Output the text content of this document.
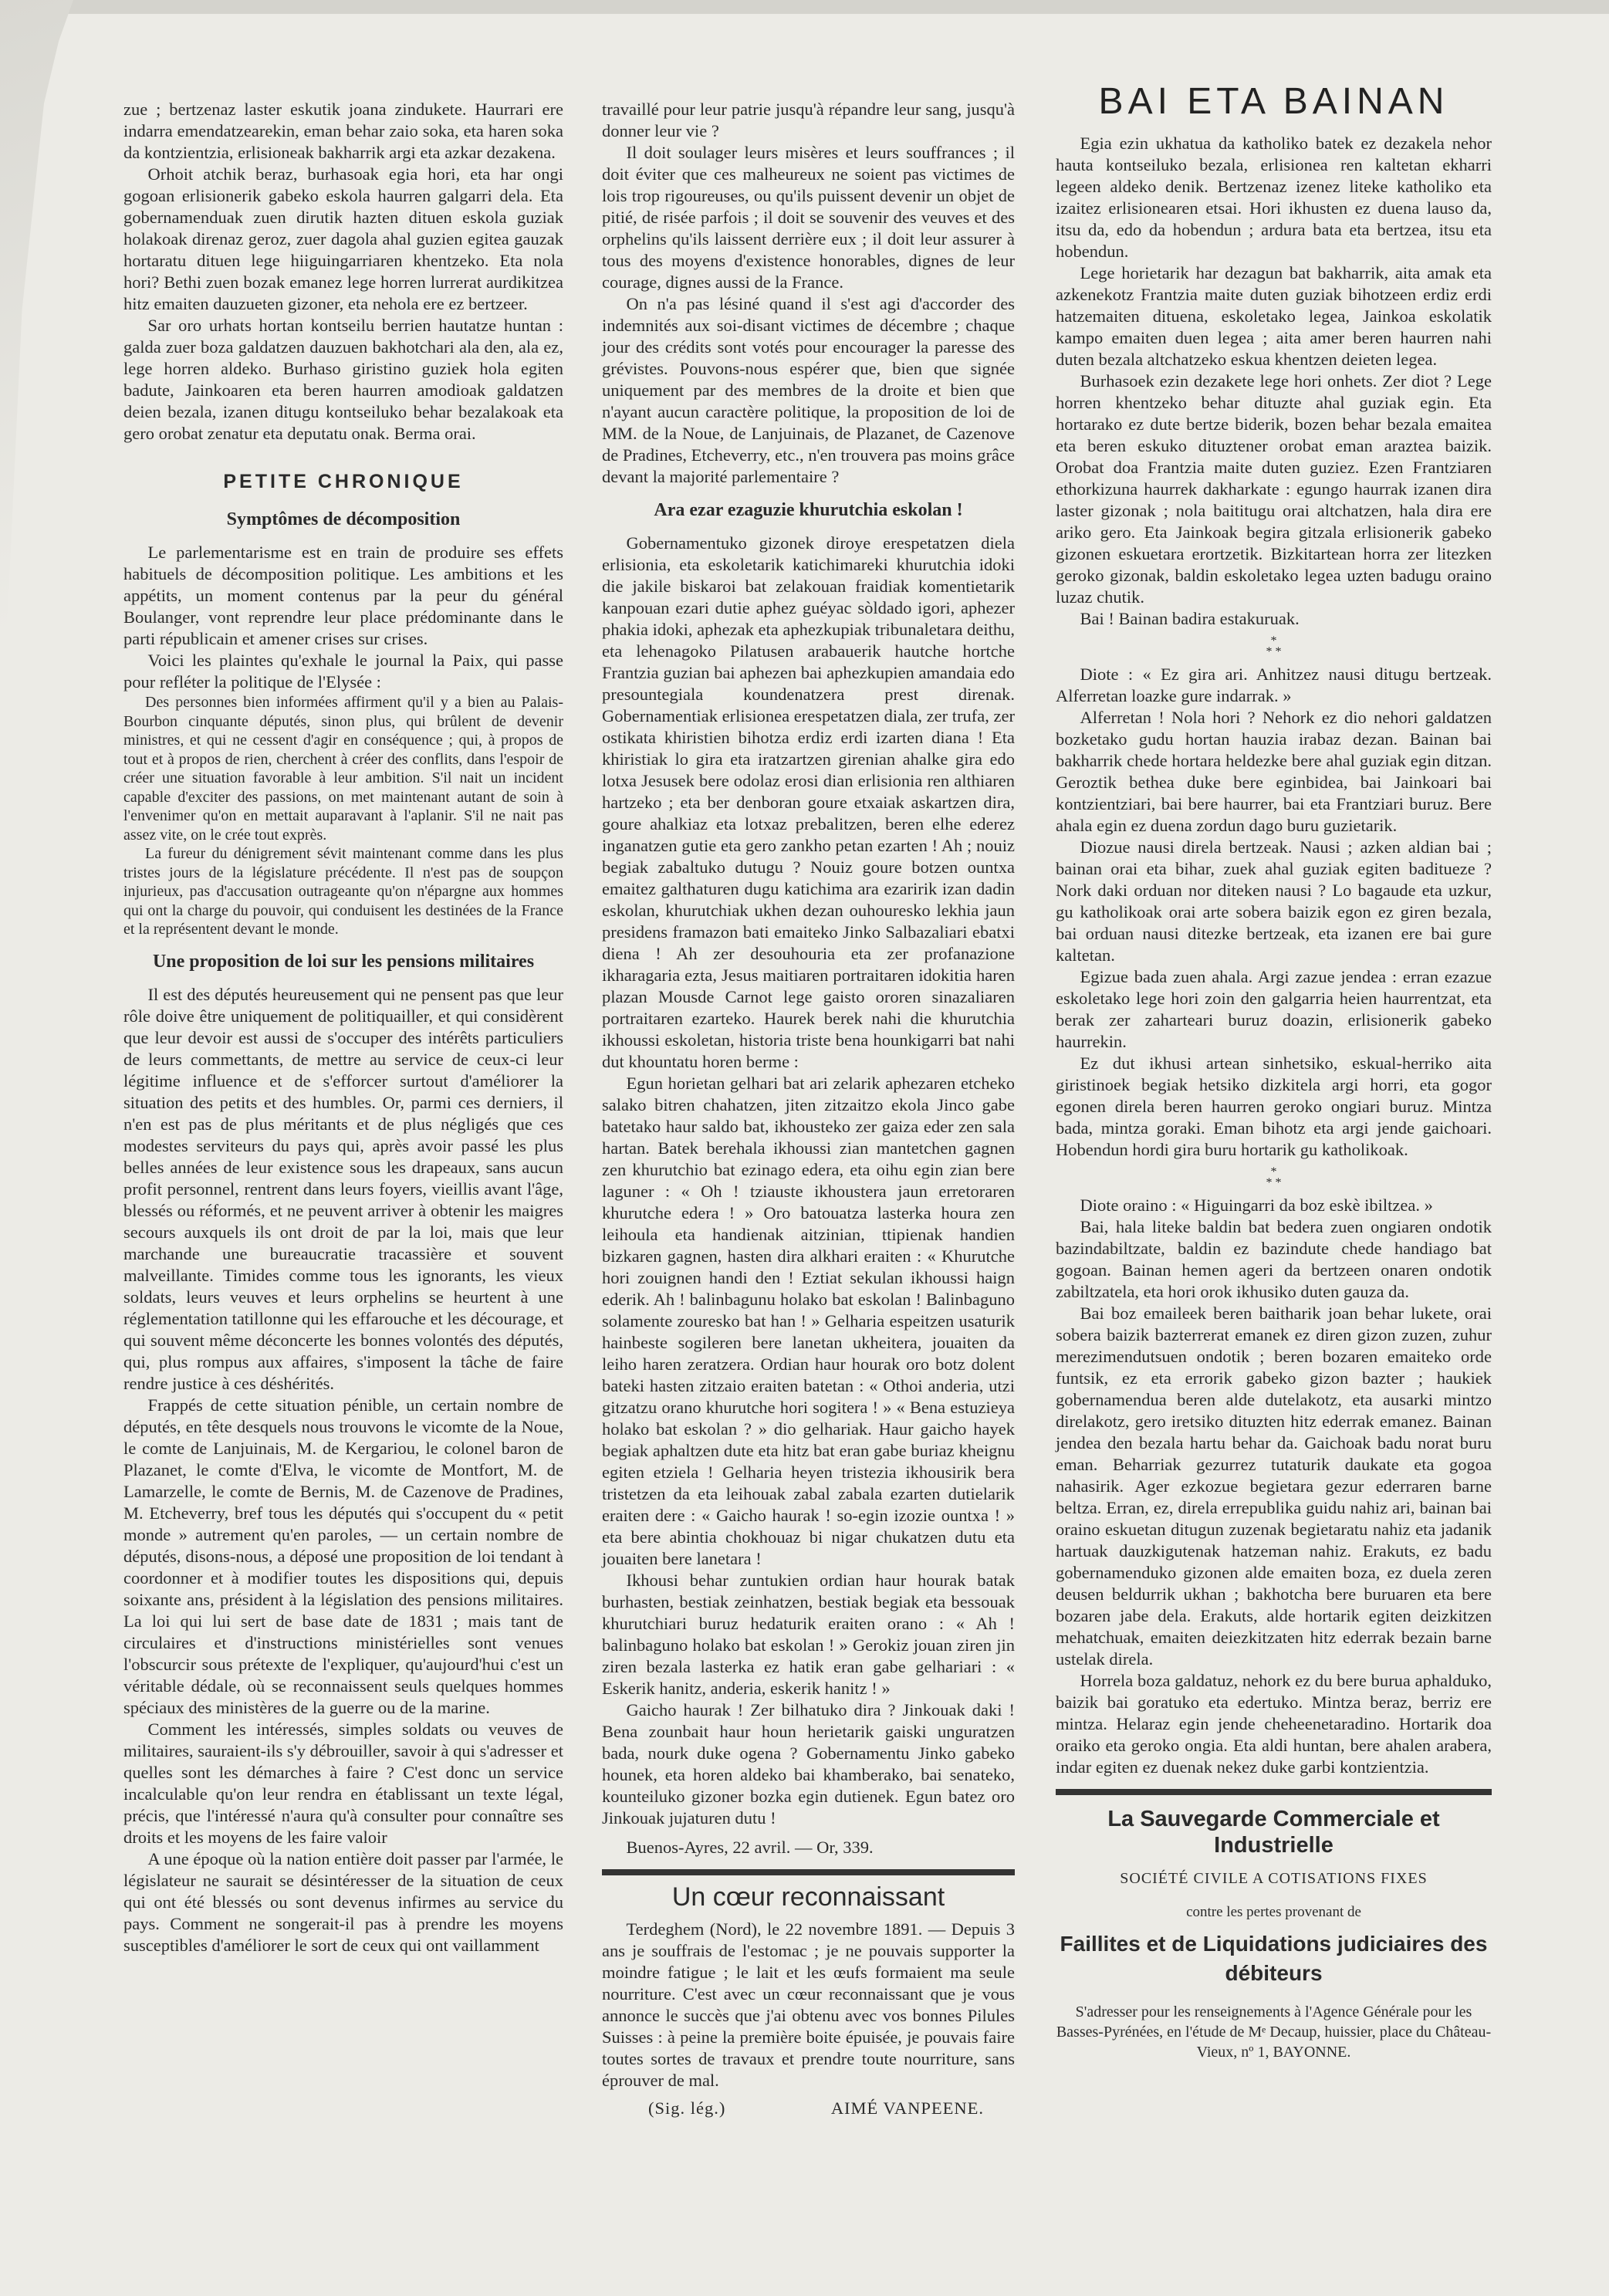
zue ; bertzenaz laster eskutik joana zindukete. Haurrari ere indarra emendatzearekin, eman behar zaio soka, eta haren soka da kontzientzia, erlisioneak bakharrik argi eta azkar dezakena.

Orhoit atchik beraz, burhasoak egia hori, eta har ongi gogoan erlisionerik gabeko eskola haurren galgarri dela. Eta gobernamenduak zuen dirutik hazten dituen eskola guziak holakoak direnaz geroz, zuer dagola ahal guzien egitea gauzak hortaratu dituen lege hiiguingarriaren khentzeko. Eta nola hori? Bethi zuen bozak emanez lege horren lurrerat aurdikitzea hitz emaiten dauzueten gizoner, eta nehola ere ez bertzeer.

Sar oro urhats hortan kontseilu berrien hautatze huntan : galda zuer boza galdatzen dauzuen bakhotchari ala den, ala ez, lege horren aldeko. Burhaso giristino guziek hola egiten badute, Jainkoaren eta beren haurren amodioak galdatzen deien bezala, izanen ditugu kontseiluko behar bezalakoak eta gero orobat zenatur eta deputatu onak. Berma orai.

PETITE CHRONIQUE
Symptômes de décomposition

Le parlementarisme est en train de produire ses effets habituels de décomposition politique. Les ambitions et les appétits, un moment contenus par la peur du général Boulanger, vont reprendre leur place prédominante dans le parti républicain et amener crises sur crises.

Voici les plaintes qu'exhale le journal la Paix, qui passe pour refléter la politique de l'Elysée :

Des personnes bien informées affirment qu'il y a bien au Palais-Bourbon cinquante députés, sinon plus, qui brûlent de devenir ministres, et qui ne cessent d'agir en conséquence ; qui, à propos de tout et à propos de rien, cherchent à créer des conflits, dans l'espoir de créer une situation favorable à leur ambition. S'il nait un incident capable d'exciter des passions, on met maintenant autant de soin à l'envenimer qu'on en mettait auparavant à l'aplanir. S'il ne nait pas assez vite, on le crée tout exprès.

La fureur du dénigrement sévit maintenant comme dans les plus tristes jours de la législature précédente. Il n'est pas de soupçon injurieux, pas d'accusation outrageante qu'on n'épargne aux hommes qui ont la charge du pouvoir, qui conduisent les destinées de la France et la représentent devant le monde.

Une proposition de loi sur les pensions militaires

Il est des députés heureusement qui ne pensent pas que leur rôle doive être uniquement de politiquailler, et qui considèrent que leur devoir est aussi de s'occuper des intérêts particuliers de leurs commettants, de mettre au service de ceux-ci leur légitime influence et de s'efforcer surtout d'améliorer la situation des petits et des humbles. Or, parmi ces derniers, il n'en est pas de plus méritants et de plus négligés que ces modestes serviteurs du pays qui, après avoir passé les plus belles années de leur existence sous les drapeaux, sans aucun profit personnel, rentrent dans leurs foyers, vieillis avant l'âge, blessés ou réformés, et ne peuvent arriver à obtenir les maigres secours auxquels ils ont droit de par la loi, mais que leur marchande une bureaucratie tracassière et souvent malveillante. Timides comme tous les ignorants, les vieux soldats, leurs veuves et leurs orphelins se heurtent à une réglementation tatillonne qui les effarouche et les décourage, et qui souvent même déconcerte les bonnes volontés des députés, qui, plus rompus aux affaires, s'imposent la tâche de faire rendre justice à ces déshérités.

Frappés de cette situation pénible, un certain nombre de députés, en tête desquels nous trouvons le vicomte de la Noue, le comte de Lanjuinais, M. de Kergariou, le colonel baron de Plazanet, le comte d'Elva, le vicomte de Montfort, M. de Lamarzelle, le comte de Bernis, M. de Cazenove de Pradines, M. Etcheverry, bref tous les députés qui s'occupent du « petit monde » autrement qu'en paroles, — un certain nombre de députés, disons-nous, a déposé une proposition de loi tendant à coordonner et à modifier toutes les dispositions qui, depuis soixante ans, président à la législation des pensions militaires. La loi qui lui sert de base date de 1831 ; mais tant de circulaires et d'instructions ministérielles sont venues l'obscurcir sous prétexte de l'expliquer, qu'aujourd'hui c'est un véritable dédale, où se reconnaissent seuls quelques hommes spéciaux des ministères de la guerre ou de la marine.

Comment les intéressés, simples soldats ou veuves de militaires, sauraient-ils s'y débrouiller, savoir à qui s'adresser et quelles sont les démarches à faire ? C'est donc un service incalculable qu'on leur rendra en établissant un texte légal, précis, que l'intéressé n'aura qu'à consulter pour connaître ses droits et les moyens de les faire valoir

A une époque où la nation entière doit passer par l'armée, le législateur ne saurait se désintéresser de la situation de ceux qui ont été blessés ou sont devenus infirmes au service du pays. Comment ne songerait-il pas à prendre les moyens susceptibles d'améliorer le sort de ceux qui ont vaillamment

travaillé pour leur patrie jusqu'à répandre leur sang, jusqu'à donner leur vie ?

Il doit soulager leurs misères et leurs souffrances ; il doit éviter que ces malheureux ne soient pas victimes de lois trop rigoureuses, ou qu'ils puissent devenir un objet de pitié, de risée parfois ; il doit se souvenir des veuves et des orphelins qu'ils laissent derrière eux ; il doit leur assurer à tous des moyens d'existence honorables, dignes de leur courage, dignes aussi de la France.

On n'a pas lésiné quand il s'est agi d'accorder des indemnités aux soi-disant victimes de décembre ; chaque jour des crédits sont votés pour encourager la paresse des grévistes. Pouvons-nous espérer que, bien que signée uniquement par des membres de la droite et bien que n'ayant aucun caractère politique, la proposition de loi de MM. de la Noue, de Lanjuinais, de Plazanet, de Cazenove de Pradines, Etcheverry, etc., n'en trouvera pas moins grâce devant la majorité parlementaire ?

Ara ezar ezaguzie khurutchia eskolan !

Gobernamentuko gizonek diroye erespetatzen diela erlisionia, eta eskoletarik katichimareki khurutchia idoki die jakile biskaroi bat zelakouan fraidiak komentietarik kanpouan ezari dutie aphez guéyac sòldado igori, aphezer phakia idoki, aphezak eta aphezkupiak tribunaletara deithu, eta lehenagoko Pilatusen arabauerik hautche hortche Frantzia guzian bai aphezen bai aphezkupien amandaia edo presountegiala koundenatzera prest direnak. Gobernamentiak erlisionea erespetatzen diala, zer trufa, zer ostikata khiristien bihotza erdiz erdi izarten diana ! Eta khiristiak lo gira eta iratzartzen girenian ahalke gira edo lotxa Jesusek bere odolaz erosi dian erlisionia ren althiaren hartzeko ; eta ber denboran goure etxaiak askartzen dira, goure ahalkiaz eta lotxaz prebalitzen, beren elhe ederez inganatzen gutie eta gero zankho petan ezarten ! Ah ; nouiz begiak zabaltuko dutugu ? Nouiz goure botzen ountxa emaitez galthaturen dugu katichima ara ezaririk izan dadin eskolan, khurutchiak ukhen dezan ouhouresko lekhia jaun presidens framazon bati emaiteko Jinko Salbazaliari ebatxi diena ! Ah zer desouhouria eta zer profanazione ikharagaria ezta, Jesus maitiaren portraitaren idokitia haren plazan Mousde Carnot lege gaisto ororen sinazaliaren portraitaren ezarteko. Haurek berek nahi die khurutchia ikhoussi eskoletan, historia triste bena hounkigarri bat nahi dut khountatu horen berme :

Egun horietan gelhari bat ari zelarik aphezaren etcheko salako bitren chahatzen, jiten zitzaitzo ekola Jinco gabe batetako haur saldo bat, ikhousteko zer gaiza eder zen sala hartan. Batek berehala ikhoussi zian mantetchen gagnen zen khurutchio bat ezinago edera, eta oihu egin zian bere laguner : « Oh ! tziauste ikhoustera jaun erretoraren khurutche edera ! » Oro batouatza lasterka houra zen leihoula eta handienak aitzinian, ttipienak handien bizkaren gagnen, hasten dira alkhari eraiten : « Khurutche hori zouignen handi den ! Eztiat sekulan ikhoussi haign ederik. Ah ! balinbagunu holako bat eskolan ! Balinbaguno solamente zouresko bat han ! » Gelharia espeitzen usaturik hainbeste sogileren bere lanetan ukheitera, jouaiten da leiho haren zeratzera. Ordian haur hourak oro botz dolent bateki hasten zitzaio eraiten batetan : « Othoi anderia, utzi gitzatzu orano khurutche hori sogitera ! » « Bena estuzieya holako bat eskolan ? » dio gelhariak. Haur gaicho hayek begiak aphaltzen dute eta hitz bat eran gabe buriaz kheignu egiten etziela ! Gelharia heyen tristezia ikhousirik bera tristetzen da eta leihouak zabal zabala ezarten dutielarik eraiten dere : « Gaicho haurak ! so-egin izozie ountxa ! » eta bere abintia chokhouaz bi nigar chukatzen dutu eta jouaiten bere lanetara !

Ikhousi behar zuntukien ordian haur hourak batak burhasten, bestiak zeinhatzen, bestiak begiak eta bessouak khurutchiari buruz hedaturik eraiten orano : « Ah ! balinbaguno holako bat eskolan ! » Gerokiz jouan ziren jin ziren bezala lasterka ez hatik eran gabe gelhariari : « Eskerik hanitz, anderia, eskerik hanitz ! »

Gaicho haurak ! Zer bilhatuko dira ? Jinkouak daki ! Bena zounbait haur houn herietarik gaiski unguratzen bada, nourk duke ogena ? Gobernamentu Jinko gabeko hounek, eta horen aldeko bai khamberako, bai senateko, kounteiluko gizoner bozka egin dutienek. Egun batez oro Jinkouak jujaturen dutu !

Buenos-Ayres, 22 avril. — Or, 339.

Un cœur reconnaissant

Terdeghem (Nord), le 22 novembre 1891. — Depuis 3 ans je souffrais de l'estomac ; je ne pouvais supporter la moindre fatigue ; le lait et les œufs formaient ma seule nourriture. C'est avec un cœur reconnaissant que je vous annonce le succès que j'ai obtenu avec vos bonnes Pilules Suisses : à peine la première boite épuisée, je pouvais faire toutes sortes de travaux et prendre toute nourriture, sans éprouver de mal.

(Sig. lég.)	AIMÉ VANPEENE.
BAI ETA BAINAN

Egia ezin ukhatua da katholiko batek ez dezakela nehor hauta kontseiluko bezala, erlisionea ren kaltetan ekharri legeen aldeko denik. Bertzenaz izenez liteke katholiko eta izaitez erlisionearen etsai. Hori ikhusten ez duena lauso da, itsu da, edo da hobendun ; ardura bata eta bertzea, itsu eta hobendun.

Lege horietarik har dezagun bat bakharrik, aita amak eta azkenekotz Frantzia maite duten guziak bihotzeen erdiz erdi hatzemaiten dituena, eskoletako legea, Jainkoa eskolatik kampo emaiten duen legea ; aita amer beren haurren nahi duten bezala altchatzeko eskua khentzen deieten legea.

Burhasoek ezin dezakete lege hori onhets. Zer diot ? Lege horren khentzeko behar dituzte ahal guziak egin. Eta hortarako ez dute bertze biderik, bozen behar bezala emaitea eta beren eskuko dituztener orobat eman araztea baizik. Orobat doa Frantzia maite duten guziez. Ezen Frantziaren ethorkizuna haurrek dakharkate : egungo haurrak izanen dira laster gizonak ; nola baititugu orai altchatzen, hala dira ere ariko gero. Eta Jainkoak begira gitzala erlisionerik gabeko gizonen eskuetara erortzetik. Bizkitartean horra zer litezken geroko gizonak, baldin eskoletako legea uzten badugu oraino luzaz chutik.

Bai ! Bainan badira estakuruak.

*
* *

Diote : « Ez gira ari. Anhitzez nausi ditugu bertzeak. Alferretan loazke gure indarrak. »

Alferretan ! Nola hori ? Nehork ez dio nehori galdatzen bozketako gudu hortan hauzia irabaz dezan. Bainan bai bakharrik chede hortara heldezke bere ahal guziak egin ditzan. Geroztik bethea duke bere eginbidea, bai Jainkoari bai kontzientziari, bai bere haurrer, bai eta Frantziari buruz. Bere ahala egin ez duena zordun dago buru guzietarik.

Diozue nausi direla bertzeak. Nausi ; azken aldian bai ; bainan orai eta bihar, zuek ahal guziak egiten baditueze ? Nork daki orduan nor diteken nausi ? Lo bagaude eta uzkur, gu katholikoak orai arte sobera baizik egon ez giren bezala, bai orduan nausi ditezke bertzeak, eta izanen ere bai gure kaltetan.

Egizue bada zuen ahala. Argi zazue jendea : erran ezazue eskoletako lege hori zoin den galgarria heien haurrentzat, eta berak zer zaharteari buruz doazin, erlisionerik gabeko haurrekin.

Ez dut ikhusi artean sinhetsiko, eskual-herriko aita giristinoek begiak hetsiko dizkitela argi horri, eta gogor egonen direla beren haurren geroko ongiari buruz. Mintza bada, mintza goraki. Eman bihotz eta argi jende gaichoari. Hobendun hordi gira buru hortarik gu katholikoak.

*
* *

Diote oraino : « Higuingarri da boz eskè ibiltzea. »

Bai, hala liteke baldin bat bedera zuen ongiaren ondotik bazindabiltzate, baldin ez bazindute chede handiago bat gogoan. Bainan hemen ageri da bertzeen onaren ondotik zabiltzatela, eta hori orok ikhusiko duten gauza da.

Bai boz emaileek beren baitharik joan behar lukete, orai sobera baizik bazterrerat emanek ez diren gizon zuzen, zuhur merezimendutsuen ondotik ; beren bozaren emaiteko orde funtsik, ez eta errorik gabeko gizon bazter ; haukiek gobernamendua beren alde dutelakotz, eta ausarki mintzo direlakotz, gero iretsiko dituzten hitz ederrak emanez. Bainan jendea den bezala hartu behar da. Gaichoak badu norat buru eman. Beharriak gezurrez tutaturik daukate eta gogoa nahasirik. Ager ezkozue begietara gezur ederraren barne beltza. Erran, ez, direla errepublika guidu nahiz ari, bainan bai oraino eskuetan ditugun zuzenak begietaratu nahiz eta jadanik hartuak dauzkigutenak hatzeman nahiz. Erakuts, ez badu gobernamenduko gizonen alde emaiten boza, ez duela zeren deusen beldurrik ukhan ; bakhotcha bere buruaren eta bere bozaren jabe dela. Erakuts, alde hortarik egiten deizkitzen mehatchuak, emaiten deiezkitzaten hitz ederrak bezain barne ustelak direla.

Horrela boza galdatuz, nehork ez du bere burua aphalduko, baizik bai goratuko eta edertuko. Mintza beraz, berriz ere mintza. Helaraz egin jende cheheenetaradino. Hortarik doa oraiko eta geroko ongia. Eta aldi huntan, bere ahalen arabera, indar egiten ez duenak nekez duke garbi kontzientzia.

La Sauvegarde Commerciale et Industrielle
SOCIÉTÉ CIVILE A COTISATIONS FIXES
contre les pertes provenant de
Faillites et de Liquidations judiciaires des débiteurs
S'adresser pour les renseignements à l'Agence Générale pour les Basses-Pyrénées, en l'étude de Mᵉ Decaup, huissier, place du Château-Vieux, nº 1, BAYONNE.
